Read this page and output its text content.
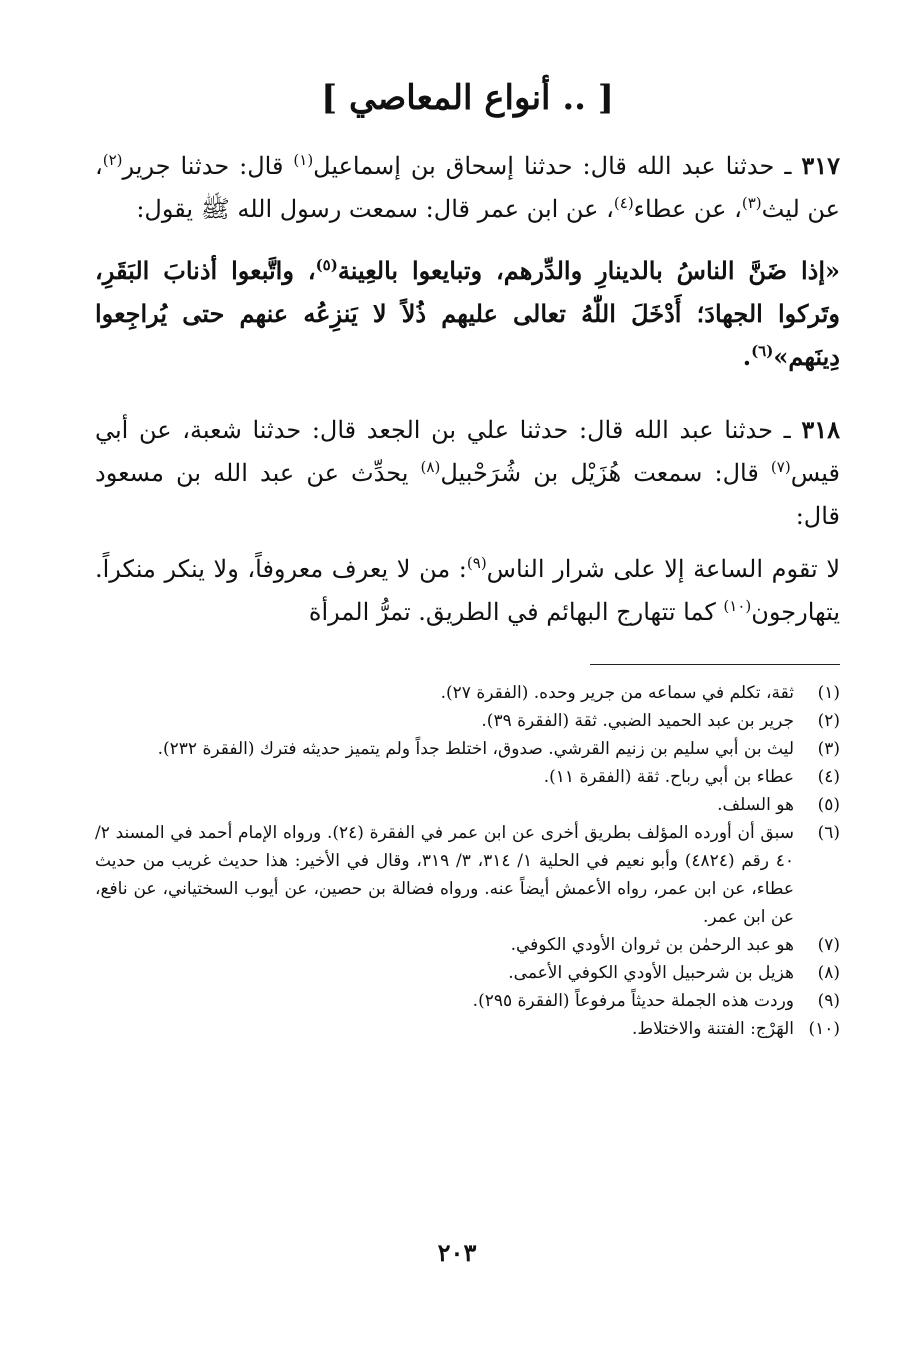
[ .. أنواع المعاصي ]

٣١٧ ـ حدثنا عبد الله قال: حدثنا إسحاق بن إسماعيل$^{(١)}$ قال: حدثنا جرير$^{(٢)}$، عن ليث$^{(٣)}$، عن عطاء$^{(٤)}$، عن ابن عمر قال: سمعت رسول الله ﷺ يقول:

«إذا ضَنَّ الناسُ بالدينارِ والدِّرهم، وتبايعوا بالعِينة$^{(٥)}$، واتَّبعوا أذنابَ البَقَرِ، وتَركوا الجهادَ؛ أَدْخَلَ اللّٰهُ تعالى عليهم ذُلاً لا يَنزِعُه عنهم حتى يُراجِعوا دِينَهم»$^{(٦)}$.

٣١٨ ـ حدثنا عبد الله قال: حدثنا علي بن الجعد قال: حدثنا شعبة، عن أبي قيس$^{(٧)}$ قال: سمعت هُزَيْل بن شُرَحْبيل$^{(٨)}$ يحدِّث عن عبد الله بن مسعود قال:

لا تقوم الساعة إلا على شرار الناس$^{(٩)}$: من لا يعرف معروفاً، ولا ينكر منكراً. يتهارجون$^{(١٠)}$ كما تتهارج البهائم في الطريق. تمرُّ المرأة

(١)
ثقة، تكلم في سماعه من جرير وحده. (الفقرة ٢٧).
(٢)
جرير بن عبد الحميد الضبي. ثقة (الفقرة ٣٩).
(٣)
ليث بن أبي سليم بن زنيم القرشي. صدوق، اختلط جداً ولم يتميز حديثه فترك (الفقرة ٢٣٢).
(٤)
عطاء بن أبي رباح. ثقة (الفقرة ١١).
(٥)
هو السلف.
(٦)
سبق أن أورده المؤلف بطريق أخرى عن ابن عمر في الفقرة (٢٤). ورواه الإمام أحمد في المسند ٢/ ٤٠ رقم (٤٨٢٤) وأبو نعيم في الحلية ١/ ٣١٤، ٣/ ٣١٩، وقال في الأخير: هذا حديث غريب من حديث عطاء، عن ابن عمر، رواه الأعمش أيضاً عنه. ورواه فضالة بن حصين، عن أيوب السختياني، عن نافع، عن ابن عمر.
(٧)
هو عبد الرحمٰن بن ثروان الأودي الكوفي.
(٨)
هزيل بن شرحبيل الأودي الكوفي الأعمى.
(٩)
وردت هذه الجملة حديثاً مرفوعاً (الفقرة ٢٩٥).
(١٠)
الهَرْج: الفتنة والاختلاط.
٢٠٣
